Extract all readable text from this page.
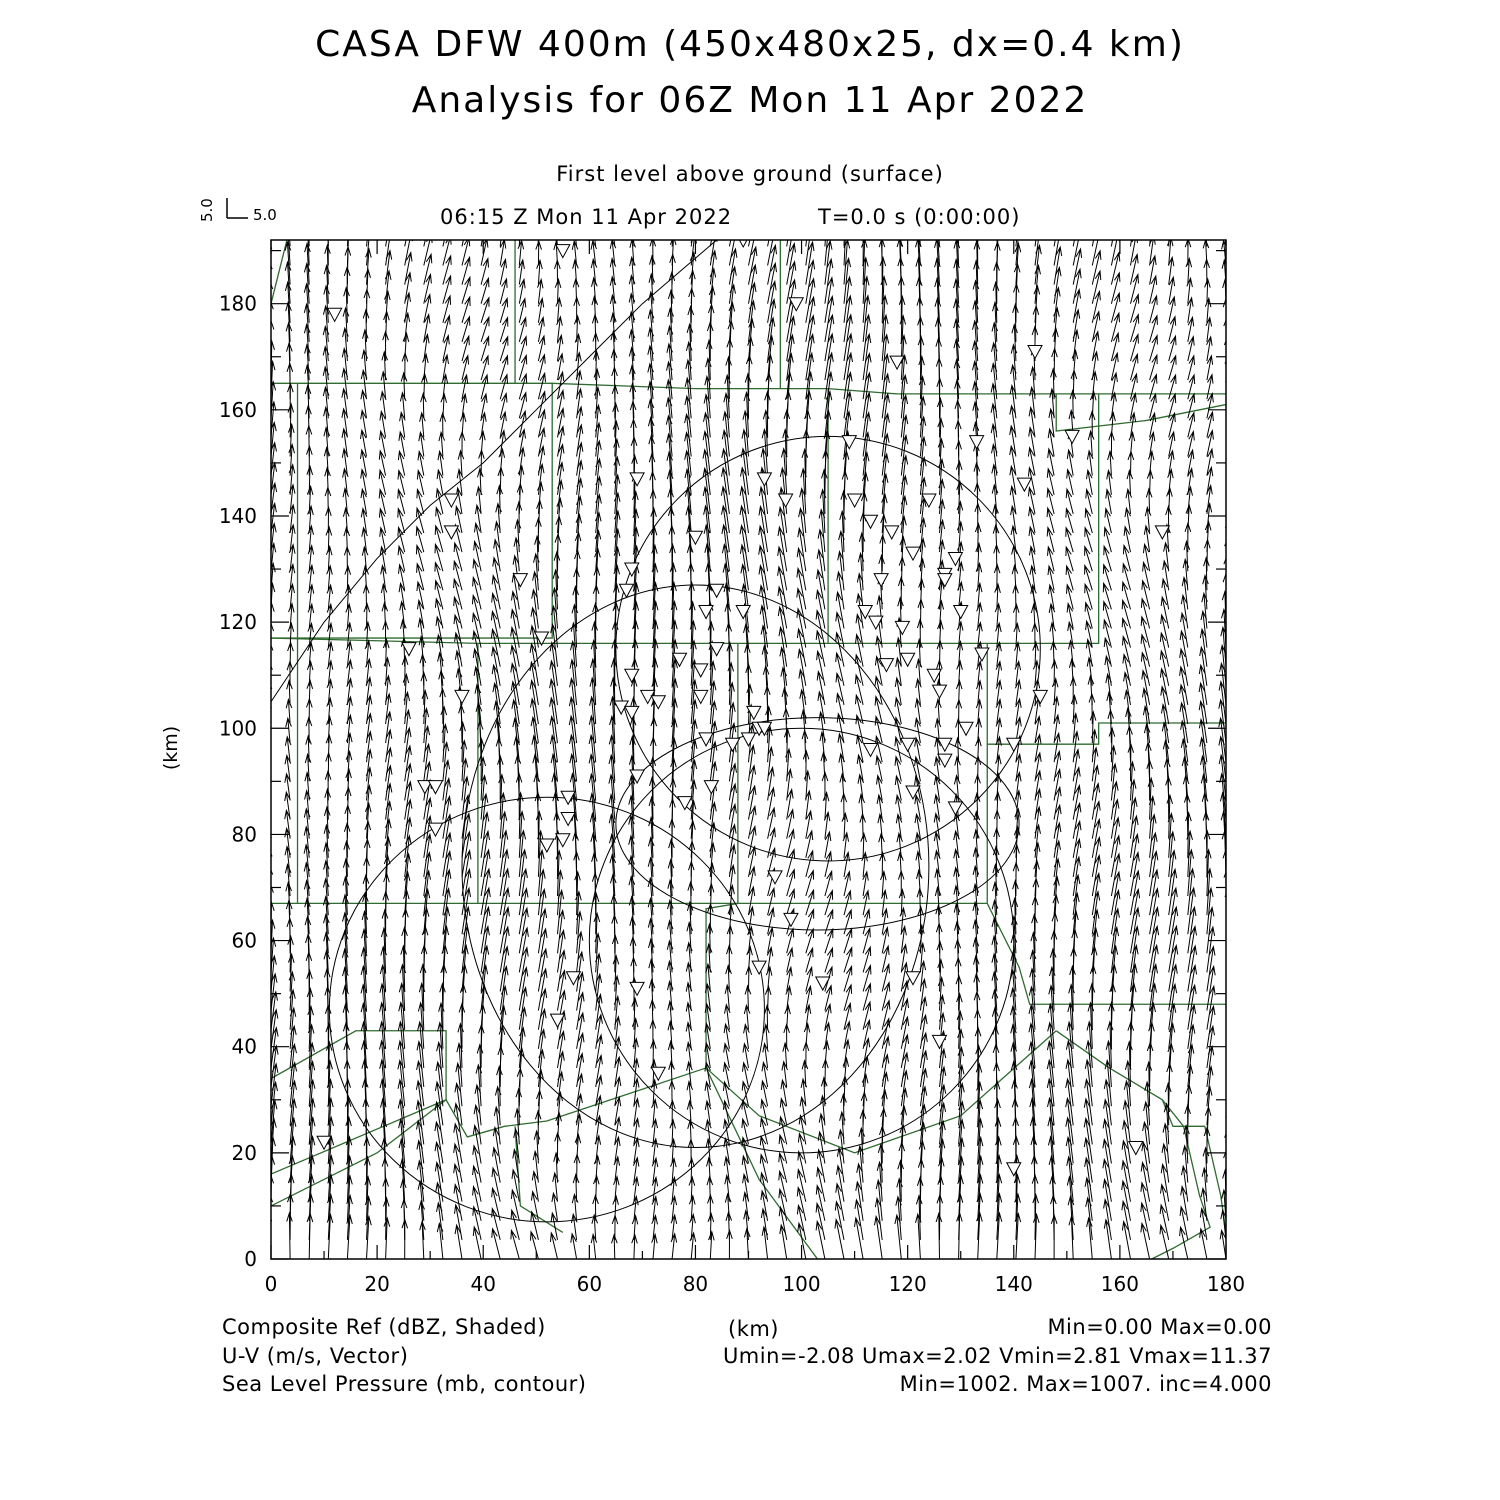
CASA DFW 400m (450x480x25, dx=0.4 km)
Analysis for 06Z Mon 11 Apr 2022
First level above ground (surface)
06:15 Z Mon 11 Apr 2022	T=0.0 s (0:00:00)
5.0
5.0
0	20	40	60	80	100	120	140	160	180
0
20
40
60
80
100
120
140
160
180
(km)
(km)
Composite Ref (dBZ, Shaded)	Min=0.00 Max=0.00
U-V (m/s, Vector)	Umin=-2.08 Umax=2.02 Vmin=2.81 Vmax=11.37
Sea Level Pressure (mb, contour)	Min=1002. Max=1007. inc=4.000
